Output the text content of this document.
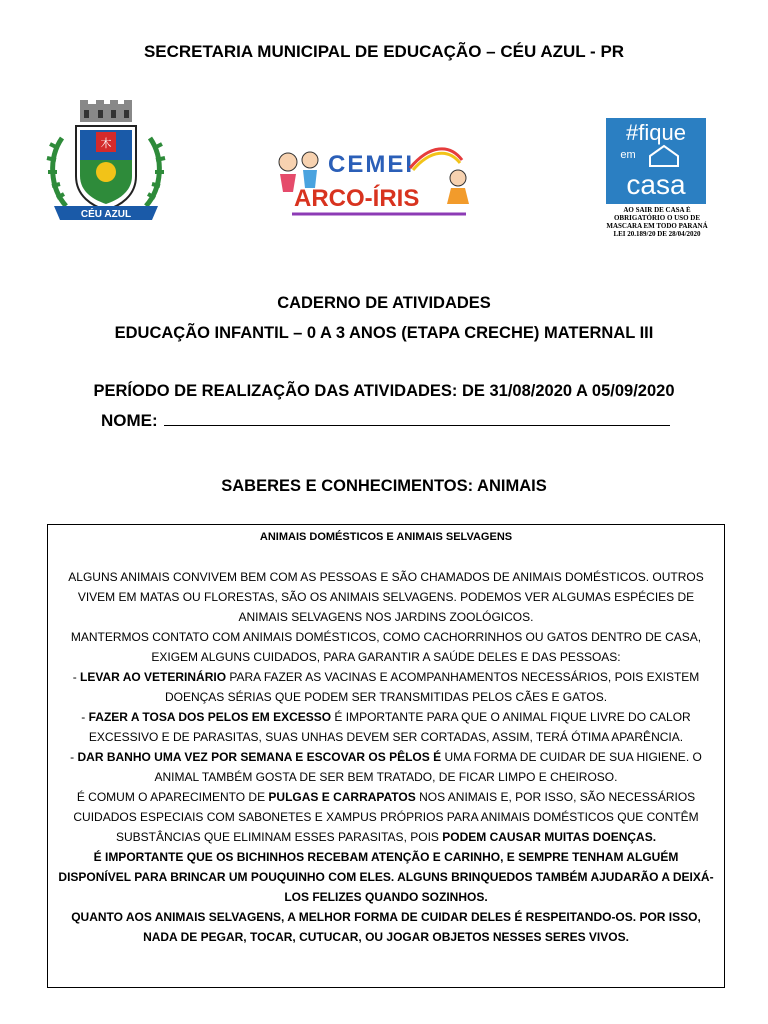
SECRETARIA MUNICIPAL DE EDUCAÇÃO – CÉU AZUL - PR
木
CÉU AZUL
CEMEI
ARCO-ÍRIS
#fique
em
casa
AO SAIR DE CASA É OBRIGATÓRIO O USO DE MASCARA EM TODO PARANÁ LEI 20.189/20 DE 28/04/2020
CADERNO DE ATIVIDADES
EDUCAÇÃO INFANTIL – 0 A 3 ANOS (ETAPA CRECHE) MATERNAL III
PERÍODO DE REALIZAÇÃO DAS ATIVIDADES: DE 31/08/2020 A 05/09/2020
NOME:
SABERES E CONHECIMENTOS: ANIMAIS
ANIMAIS DOMÉSTICOS E ANIMAIS SELVAGENS
ALGUNS ANIMAIS CONVIVEM BEM COM AS PESSOAS E SÃO CHAMADOS DE ANIMAIS DOMÉSTICOS. OUTROS VIVEM EM MATAS OU FLORESTAS, SÃO OS ANIMAIS SELVAGENS. PODEMOS VER ALGUMAS ESPÉCIES DE ANIMAIS SELVAGENS NOS JARDINS ZOOLÓGICOS.
MANTERMOS CONTATO COM ANIMAIS DOMÉSTICOS, COMO CACHORRINHOS OU GATOS DENTRO DE CASA, EXIGEM ALGUNS CUIDADOS, PARA GARANTIR A SAÚDE DELES E DAS PESSOAS:
- LEVAR AO VETERINÁRIO PARA FAZER AS VACINAS E ACOMPANHAMENTOS NECESSÁRIOS, POIS EXISTEM DOENÇAS SÉRIAS QUE PODEM SER TRANSMITIDAS PELOS CÃES E GATOS.
- FAZER A TOSA DOS PELOS EM EXCESSO É IMPORTANTE PARA QUE O ANIMAL FIQUE LIVRE DO CALOR EXCESSIVO E DE PARASITAS, SUAS UNHAS DEVEM SER CORTADAS, ASSIM, TERÁ ÓTIMA APARÊNCIA.
- DAR BANHO UMA VEZ POR SEMANA E ESCOVAR OS PÊLOS É UMA FORMA DE CUIDAR DE SUA HIGIENE. O ANIMAL TAMBÉM GOSTA DE SER BEM TRATADO, DE FICAR LIMPO E CHEIROSO.
É COMUM O APARECIMENTO DE PULGAS E CARRAPATOS NOS ANIMAIS E, POR ISSO, SÃO NECESSÁRIOS CUIDADOS ESPECIAIS COM SABONETES E XAMPUS PRÓPRIOS PARA ANIMAIS DOMÉSTICOS QUE CONTÊM SUBSTÂNCIAS QUE ELIMINAM ESSES PARASITAS, POIS PODEM CAUSAR MUITAS DOENÇAS.
É IMPORTANTE QUE OS BICHINHOS RECEBAM ATENÇÃO E CARINHO, E SEMPRE TENHAM ALGUÉM DISPONÍVEL PARA BRINCAR UM POUQUINHO COM ELES. ALGUNS BRINQUEDOS TAMBÉM AJUDARÃO A DEIXÁ-LOS FELIZES QUANDO SOZINHOS.
QUANTO AOS ANIMAIS SELVAGENS, A MELHOR FORMA DE CUIDAR DELES É RESPEITANDO-OS. POR ISSO, NADA DE PEGAR, TOCAR, CUTUCAR, OU JOGAR OBJETOS NESSES SERES VIVOS.
